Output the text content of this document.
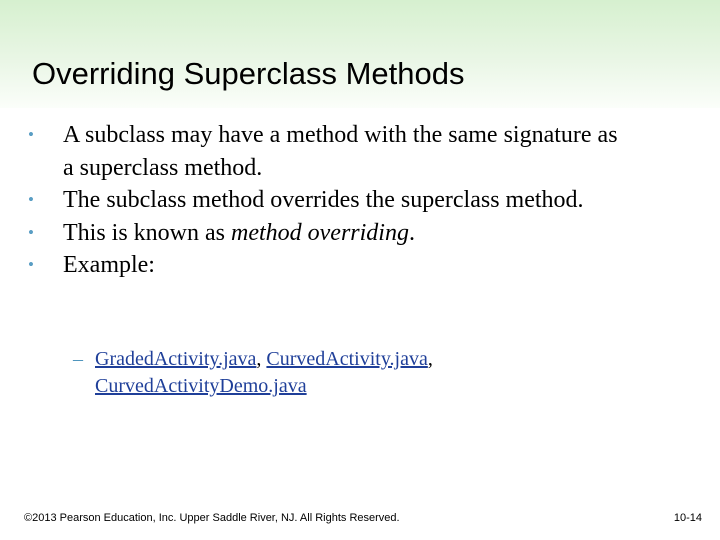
Overriding Superclass Methods
• A subclass may have a method with the same signature as a superclass method.
• The subclass method overrides the superclass method.
• This is known as method overriding.
• Example:
– GradedActivity.java, CurvedActivity.java,
CurvedActivityDemo.java
©2013 Pearson Education, Inc. Upper Saddle River, NJ. All Rights Reserved.	10-14
